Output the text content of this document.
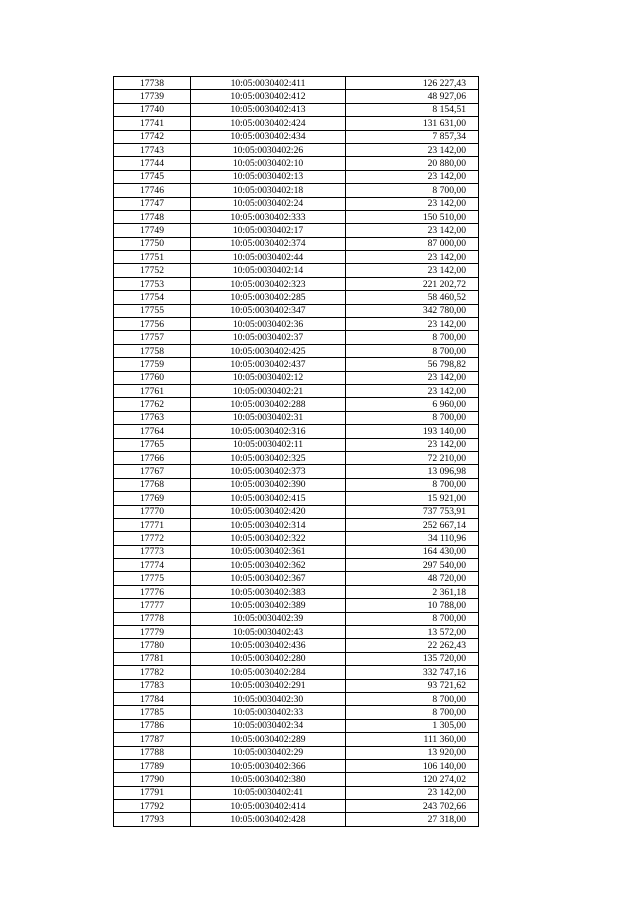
17738	10:05:0030402:411	126 227,43
17739	10:05:0030402:412	48 927,06
17740	10:05:0030402:413	8 154,51
17741	10:05:0030402:424	131 631,00
17742	10:05:0030402:434	7 857,34
17743	10:05:0030402:26	23 142,00
17744	10:05:0030402:10	20 880,00
17745	10:05:0030402:13	23 142,00
17746	10:05:0030402:18	8 700,00
17747	10:05:0030402:24	23 142,00
17748	10:05:0030402:333	150 510,00
17749	10:05:0030402:17	23 142,00
17750	10:05:0030402:374	87 000,00
17751	10:05:0030402:44	23 142,00
17752	10:05:0030402:14	23 142,00
17753	10:05:0030402:323	221 202,72
17754	10:05:0030402:285	58 460,52
17755	10:05:0030402:347	342 780,00
17756	10:05:0030402:36	23 142,00
17757	10:05:0030402:37	8 700,00
17758	10:05:0030402:425	8 700,00
17759	10:05:0030402:437	56 798,82
17760	10:05:0030402:12	23 142,00
17761	10:05:0030402:21	23 142,00
17762	10:05:0030402:288	6 960,00
17763	10:05:0030402:31	8 700,00
17764	10:05:0030402:316	193 140,00
17765	10:05:0030402:11	23 142,00
17766	10:05:0030402:325	72 210,00
17767	10:05:0030402:373	13 096,98
17768	10:05:0030402:390	8 700,00
17769	10:05:0030402:415	15 921,00
17770	10:05:0030402:420	737 753,91
17771	10:05:0030402:314	252 667,14
17772	10:05:0030402:322	34 110,96
17773	10:05:0030402:361	164 430,00
17774	10:05:0030402:362	297 540,00
17775	10:05:0030402:367	48 720,00
17776	10:05:0030402:383	2 361,18
17777	10:05:0030402:389	10 788,00
17778	10:05:0030402:39	8 700,00
17779	10:05:0030402:43	13 572,00
17780	10:05:0030402:436	22 262,43
17781	10:05:0030402:280	135 720,00
17782	10:05:0030402:284	332 747,16
17783	10:05:0030402:291	93 721,62
17784	10:05:0030402:30	8 700,00
17785	10:05:0030402:33	8 700,00
17786	10:05:0030402:34	1 305,00
17787	10:05:0030402:289	111 360,00
17788	10:05:0030402:29	13 920,00
17789	10:05:0030402:366	106 140,00
17790	10:05:0030402:380	120 274,02
17791	10:05:0030402:41	23 142,00
17792	10:05:0030402:414	243 702,66
17793	10:05:0030402:428	27 318,00
